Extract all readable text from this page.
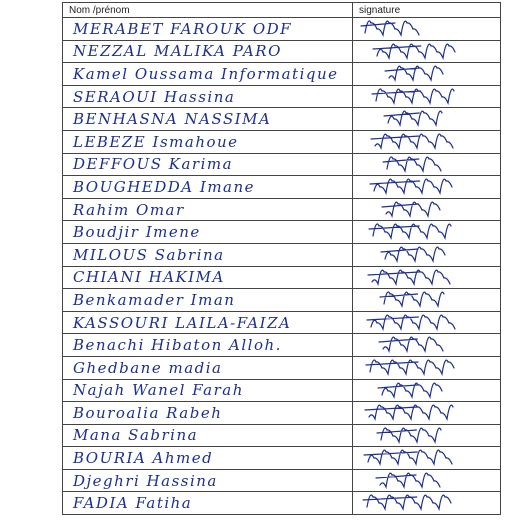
Nom /prénom	signature
MERABET FAROUK ODF	

NEZZAL MALIKA PARO	

Kamel Oussama Informatique	

SERAOUI Hassina	

BENHASNA NASSIMA	

LEBEZE Ismahoue	

DEFFOUS Karima	

BOUGHEDDA Imane	

Rahim Omar	

Boudjir Imene	

MILOUS Sabrina	

CHIANI HAKIMA	

Benkamader Iman	

KASSOURI LAILA-FAIZA	

Benachi Hibaton Alloh.	

Ghedbane madia	

Najah Wanel Farah	

Bouroalia Rabeh	

Mana Sabrina	

BOURIA Ahmed	

Djeghri Hassina	

FADIA Fatiha	
